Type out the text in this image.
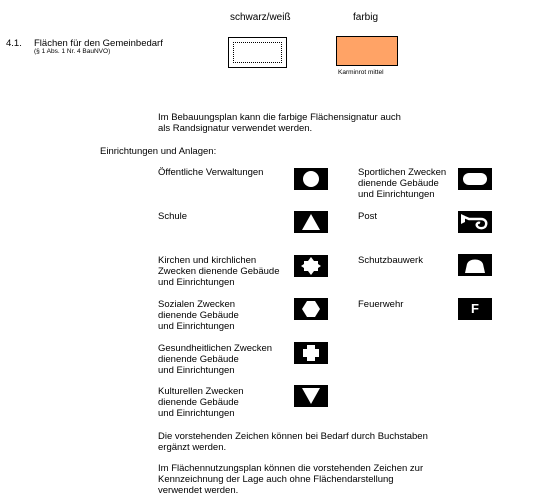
schwarz/weiß	farbig
4.1. Flächen für den Gemeinbedarf
(§ 1 Abs. 1 Nr. 4 BauNVO)
Karminrot mittel
Im Bebauungsplan kann die farbige Flächensignatur auch
als Randsignatur verwendet werden.
Einrichtungen und Anlagen:
Öffentliche Verwaltungen
Schule
Kirchen und kirchlichen
Zwecken dienende Gebäude
und Einrichtungen
Sozialen Zwecken
dienende Gebäude
und Einrichtungen
Gesundheitlichen Zwecken
dienende Gebäude
und Einrichtungen
Kulturellen Zwecken
dienende Gebäude
und Einrichtungen
Sportlichen Zwecken
dienende Gebäude
und Einrichtungen
Post
Schutzbauwerk
Feuerwehr	F
Die vorstehenden Zeichen können bei Bedarf durch Buchstaben
ergänzt werden.
Im Flächennutzungsplan können die vorstehenden Zeichen zur
Kennzeichnung der Lage auch ohne Flächendarstellung
verwendet werden.
